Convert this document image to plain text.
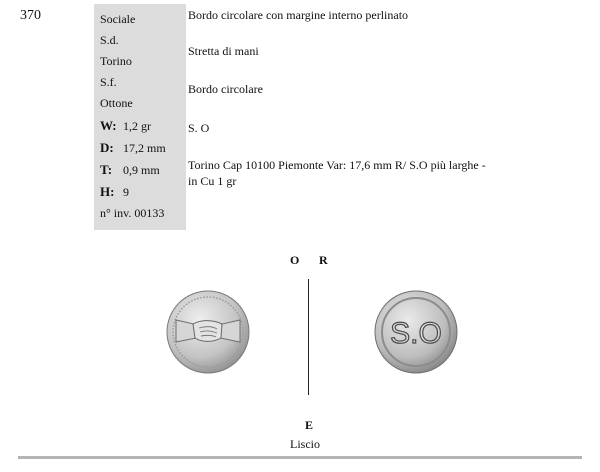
370	Sociale
S.d.
Torino
S.f.
Ottone
W: 1,2 gr
D: 17,2 mm
T: 0,9 mm
H: 9
n° inv. 00133
Bordo circolare con margine interno perlinato
Stretta di mani
Bordo circolare
S. O
Torino Cap 10100 Piemonte Var: 17,6 mm R/ S.O più larghe -
in Cu 1 gr
O R
S.O
E
Liscio
